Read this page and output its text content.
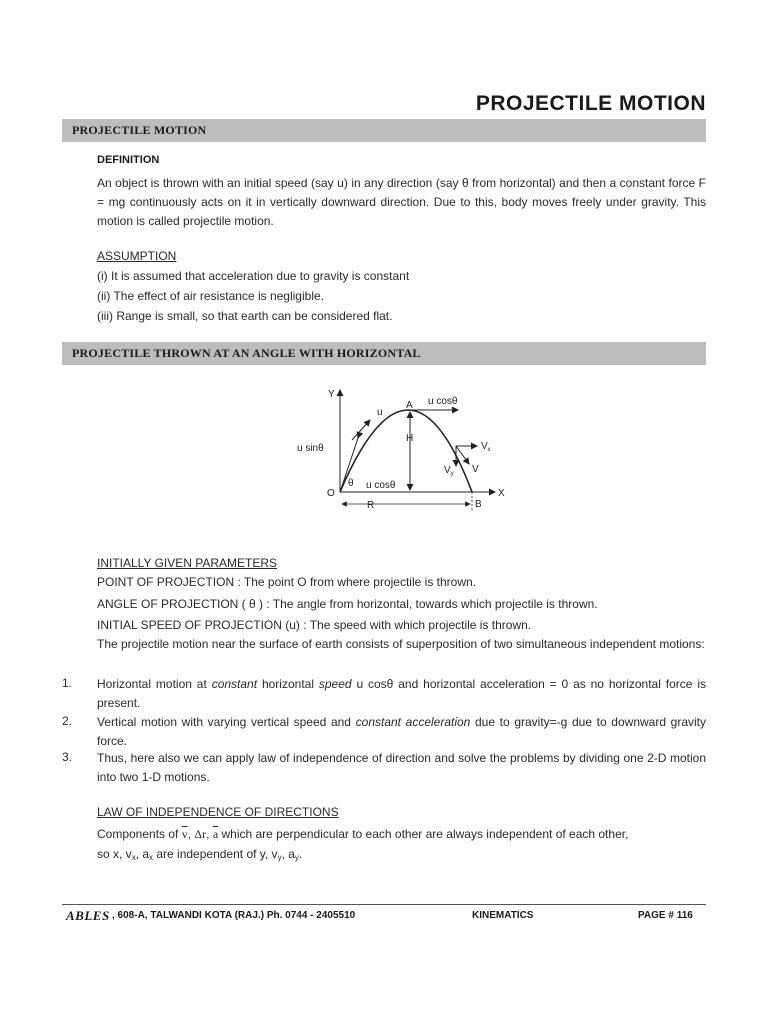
PROJECTILE MOTION
PROJECTILE MOTION
DEFINITION
An object is thrown with an initial speed (say u) in any direction (say θ from horizontal) and then a constant force F = mg continuously acts on it in vertically downward direction. Due to this, body moves freely under gravity. This motion is called projectile motion.
ASSUMPTION
(i) It is assumed that acceleration due to gravity is constant
(ii) The effect of air resistance is negligible.
(iii) Range is small, so that earth can be considered flat.
PROJECTILE THROWN AT AN ANGLE WITH HORIZONTAL
Y
X
O
A
B
u
u cosθ
u sinθ
θ u cosθ
H
R
$V_x$
$V_y$ V
INITIALLY GIVEN PARAMETERS
POINT OF PROJECTION : The point O from where projectile is thrown.
ANGLE OF PROJECTION ( θ ) : The angle from horizontal, towards which projectile is thrown.
INITIAL SPEED OF PROJECTION (u) : The speed with which projectile is thrown.
The projectile motion near the surface of earth consists of superposition of two simultaneous independent motions:
1. Horizontal motion at constant horizontal speed u cosθ and horizontal acceleration = 0 as no horizontal force is present.
2. Vertical motion with varying vertical speed and constant acceleration due to gravity=-g due to downward gravity force.
3. Thus, here also we can apply law of independence of direction and solve the problems by dividing one 2-D motion into two 1-D motions.
LAW OF INDEPENDENCE OF DIRECTIONS
Components of $\overline{v}$, Δr, $\overline{a}$ which are perpendicular to each other are always independent of each other,
so x, vx, ax are independent of y, vy, ay.
ABLES , 608-A, TALWANDI KOTA (RAJ.) Ph. 0744 - 2405510	KINEMATICS	PAGE # 116
